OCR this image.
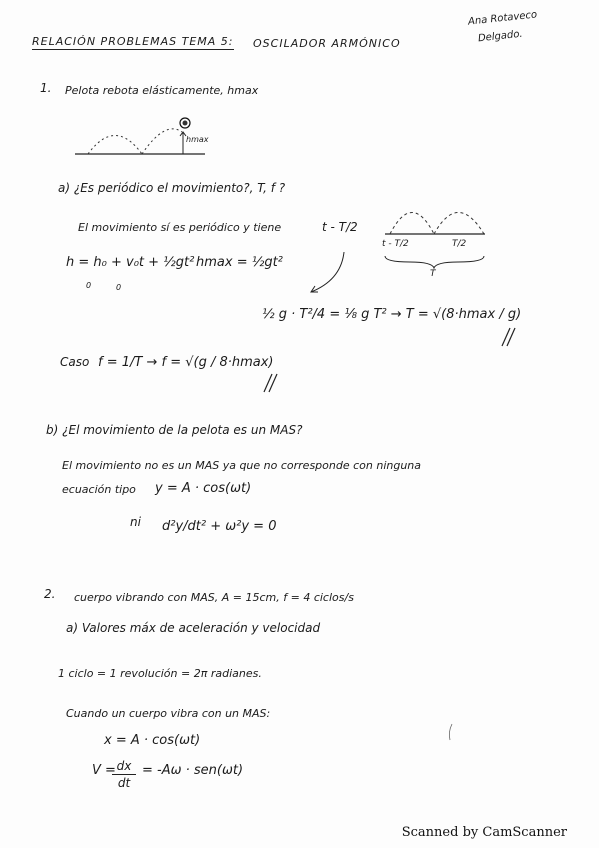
RELACIÓN PROBLEMAS TEMA 5: OSCILADOR ARMÓNICO
Ana Rotaveco
Delgado.
1. Pelota rebota elásticamente, hmax
hmax
a) ¿Es periódico el movimiento?, T, f ?
El movimiento sí es periódico y tiene	t - T/2
t - T/2	T/2
T
h = h₀ + v₀t + ½gt² hmax = ½gt²
0	0
½ g · T²/4 = ⅛ g T² → T = √(8·hmax / g)
Caso f = 1/T → f = √(g / 8·hmax)
b) ¿El movimiento de la pelota es un MAS?
El movimiento no es un MAS ya que no corresponde con ninguna
ecuación tipo y = A · cos(ωt)
ni d²y/dt² + ω²y = 0
2. cuerpo vibrando con MAS, A = 15cm, f = 4 ciclos/s
a) Valores máx de aceleración y velocidad
1 ciclo = 1 revolución = 2π radianes.
Cuando un cuerpo vibra con un MAS:
x = A · cos(ωt)
V =
$\frac{dx}{dt} = -A\omega \cdot sen(\omega t)$
Scanned by CamScanner
